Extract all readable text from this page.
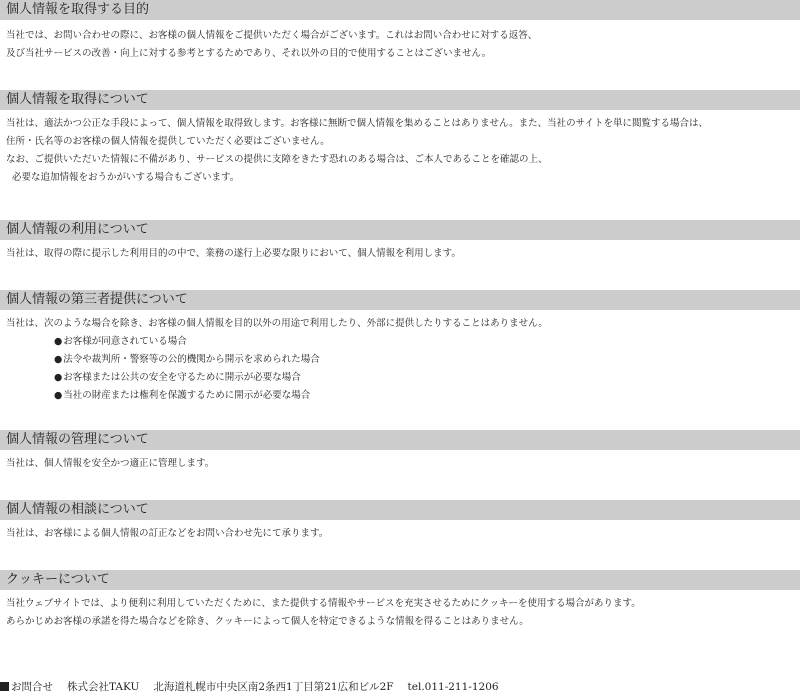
個人情報を取得する目的

当社では、お問い合わせの際に、お客様の個人情報をご提供いただく場合がございます。これはお問い合わせに対する返答、

及び当社サービスの改善・向上に対する参考とするためであり、それ以外の目的で使用することはございません。

個人情報を取得について

当社は、適法かつ公正な手段によって、個人情報を取得致します。お客様に無断で個人情報を集めることはありません。また、当社のサイトを単に閲覧する場合は、

住所・氏名等のお客様の個人情報を提供していただく必要はございません。

なお、ご提供いただいた情報に不備があり、サービスの提供に支障をきたす恐れのある場合は、ご本人であることを確認の上、

必要な追加情報をおうかがいする場合もございます。

個人情報の利用について

当社は、取得の際に提示した利用目的の中で、業務の遂行上必要な限りにおいて、個人情報を利用します。

個人情報の第三者提供について

当社は、次のような場合を除き、お客様の個人情報を目的以外の用途で利用したり、外部に提供したりすることはありません。

●お客様が同意されている場合
●法令や裁判所・警察等の公的機関から開示を求められた場合
●お客様または公共の安全を守るために開示が必要な場合
●当社の財産または権利を保護するために開示が必要な場合
個人情報の管理について

当社は、個人情報を安全かつ適正に管理します。

個人情報の相談について

当社は、お客様による個人情報の訂正などをお問い合わせ先にて承ります。

クッキーについて

当社ウェブサイトでは、より便利に利用していただくために、また提供する情報やサービスを充実させるためにクッキーを使用する場合があります。

あらかじめお客様の承諾を得た場合などを除き、クッキーによって個人を特定できるような情報を得ることはありません。

お問合せ 株式会社TAKU 北海道札幌市中央区南2条西1丁目第21広和ビル2F tel.011-211-1206
